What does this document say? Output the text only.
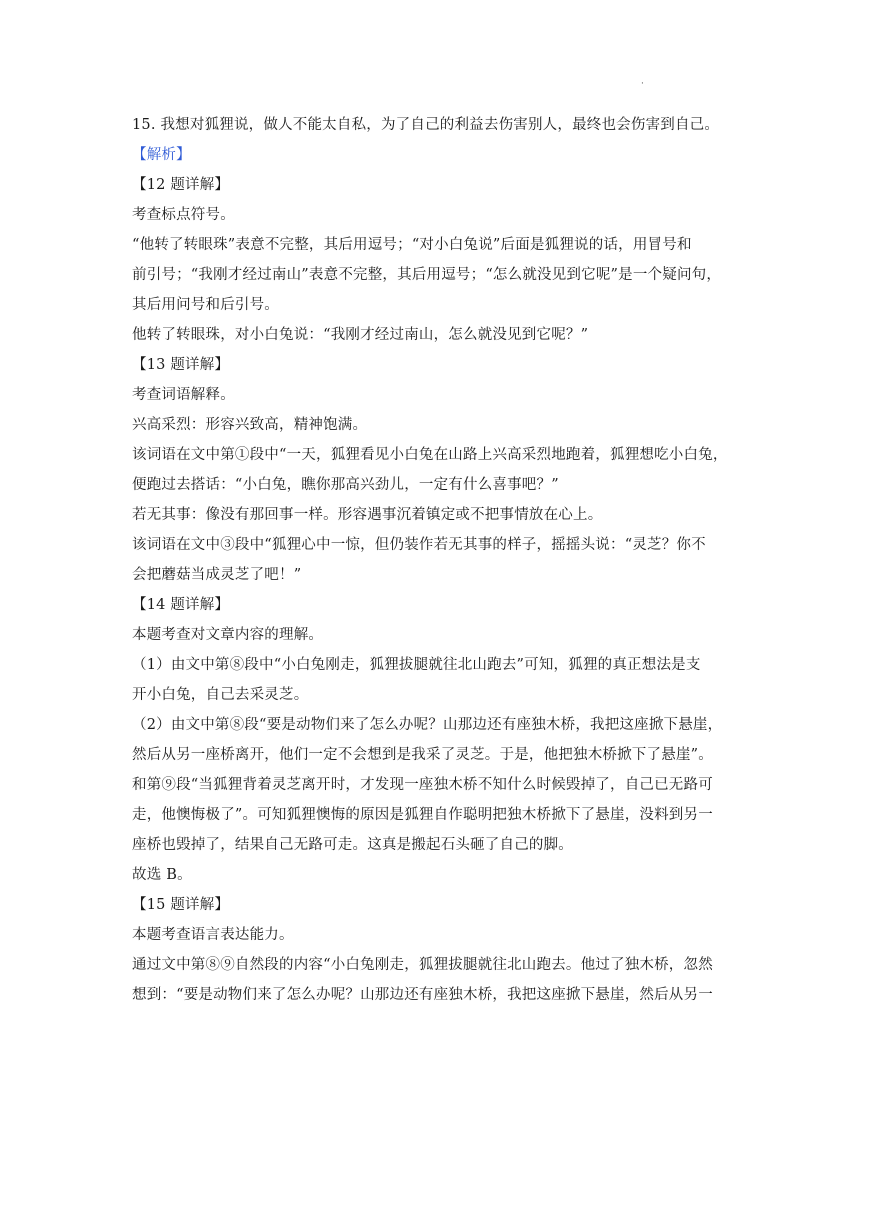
·
15. 我想对狐狸说，做人不能太自私，为了自己的利益去伤害别人，最终也会伤害到自己。
【解析】
【12 题详解】
考查标点符号。
“他转了转眼珠”表意不完整，其后用逗号；“对小白兔说”后面是狐狸说的话，用冒号和
前引号；“我刚才经过南山”表意不完整，其后用逗号；“怎么就没见到它呢”是一个疑问句，
其后用问号和后引号。
他转了转眼珠，对小白兔说：“我刚才经过南山，怎么就没见到它呢？”
【13 题详解】
考查词语解释。
兴高采烈：形容兴致高，精神饱满。
该词语在文中第①段中“一天，狐狸看见小白兔在山路上兴高采烈地跑着，狐狸想吃小白兔，
便跑过去搭话：“小白兔，瞧你那高兴劲儿，一定有什么喜事吧？”
若无其事：像没有那回事一样。形容遇事沉着镇定或不把事情放在心上。
该词语在文中③段中“狐狸心中一惊，但仍装作若无其事的样子，摇摇头说：“灵芝？你不
会把蘑菇当成灵芝了吧！”
【14 题详解】
本题考查对文章内容的理解。
（1）由文中第⑧段中“小白兔刚走，狐狸拔腿就往北山跑去”可知，狐狸的真正想法是支
开小白兔，自己去采灵芝。
（2）由文中第⑧段“要是动物们来了怎么办呢？山那边还有座独木桥，我把这座掀下悬崖，
然后从另一座桥离开，他们一定不会想到是我采了灵芝。于是，他把独木桥掀下了悬崖”。
和第⑨段“当狐狸背着灵芝离开时，才发现一座独木桥不知什么时候毁掉了，自己已无路可
走，他懊悔极了”。可知狐狸懊悔的原因是狐狸自作聪明把独木桥掀下了悬崖，没料到另一
座桥也毁掉了，结果自己无路可走。这真是搬起石头砸了自己的脚。
故选 B。
【15 题详解】
本题考查语言表达能力。
通过文中第⑧⑨自然段的内容“小白兔刚走，狐狸拔腿就往北山跑去。他过了独木桥，忽然
想到：“要是动物们来了怎么办呢？山那边还有座独木桥，我把这座掀下悬崖，然后从另一
